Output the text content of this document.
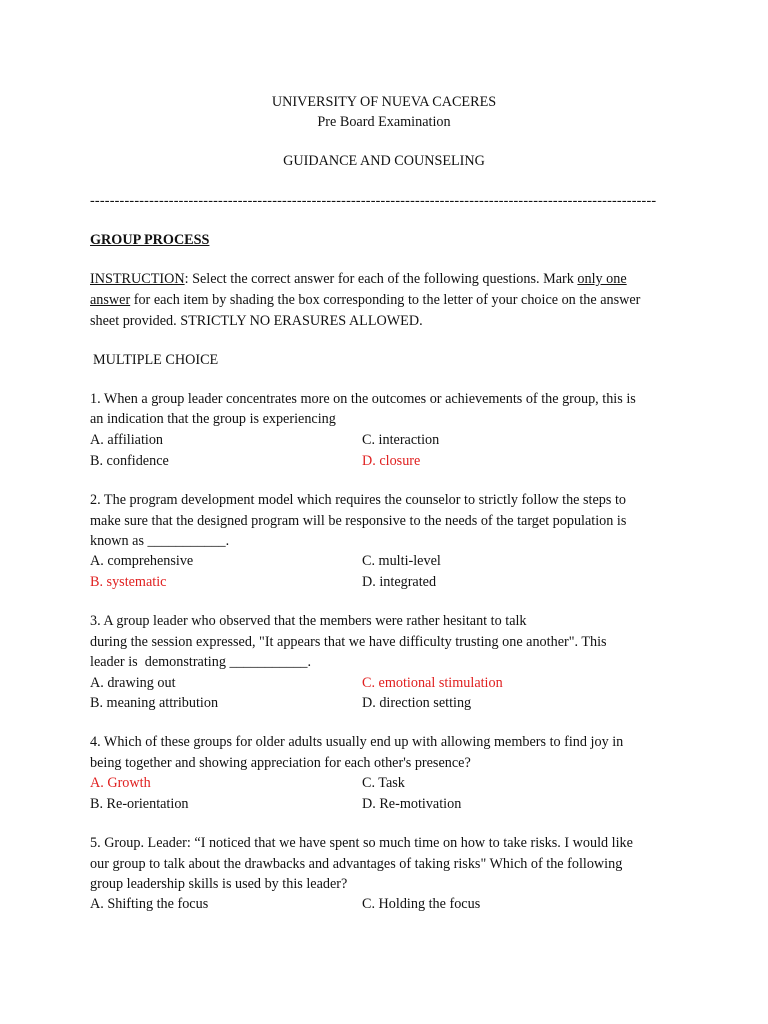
UNIVERSITY OF NUEVA CACERES
Pre Board Examination
GUIDANCE AND COUNSELING
-------------------------------------------------------------------------------------------------------------------
GROUP PROCESS
INSTRUCTION: Select the correct answer for each of the following questions. Mark only one
answer for each item by shading the box corresponding to the letter of your choice on the answer
sheet provided. STRICTLY NO ERASURES ALLOWED.
MULTIPLE CHOICE
1. When a group leader concentrates more on the outcomes or achievements of the group, this is
an indication that the group is experiencing
A. affiliation	C. interaction
B. confidence	D. closure
2. The program development model which requires the counselor to strictly follow the steps to
make sure that the designed program will be responsive to the needs of the target population is
known as ___________.
A. comprehensive	C. multi-level
B. systematic	D. integrated
3. A group leader who observed that the members were rather hesitant to talk
during the session expressed, "It appears that we have difficulty trusting one another". This
leader is  demonstrating ___________.
A. drawing out	C. emotional stimulation
B. meaning attribution	D. direction setting
4. Which of these groups for older adults usually end up with allowing members to find joy in
being together and showing appreciation for each other's presence?
A. Growth	C. Task
B. Re-orientation	D. Re-motivation
5. Group. Leader: “I noticed that we have spent so much time on how to take risks. I would like
our group to talk about the drawbacks and advantages of taking risks" Which of the following
group leadership skills is used by this leader?
A. Shifting the focus	C. Holding the focus
